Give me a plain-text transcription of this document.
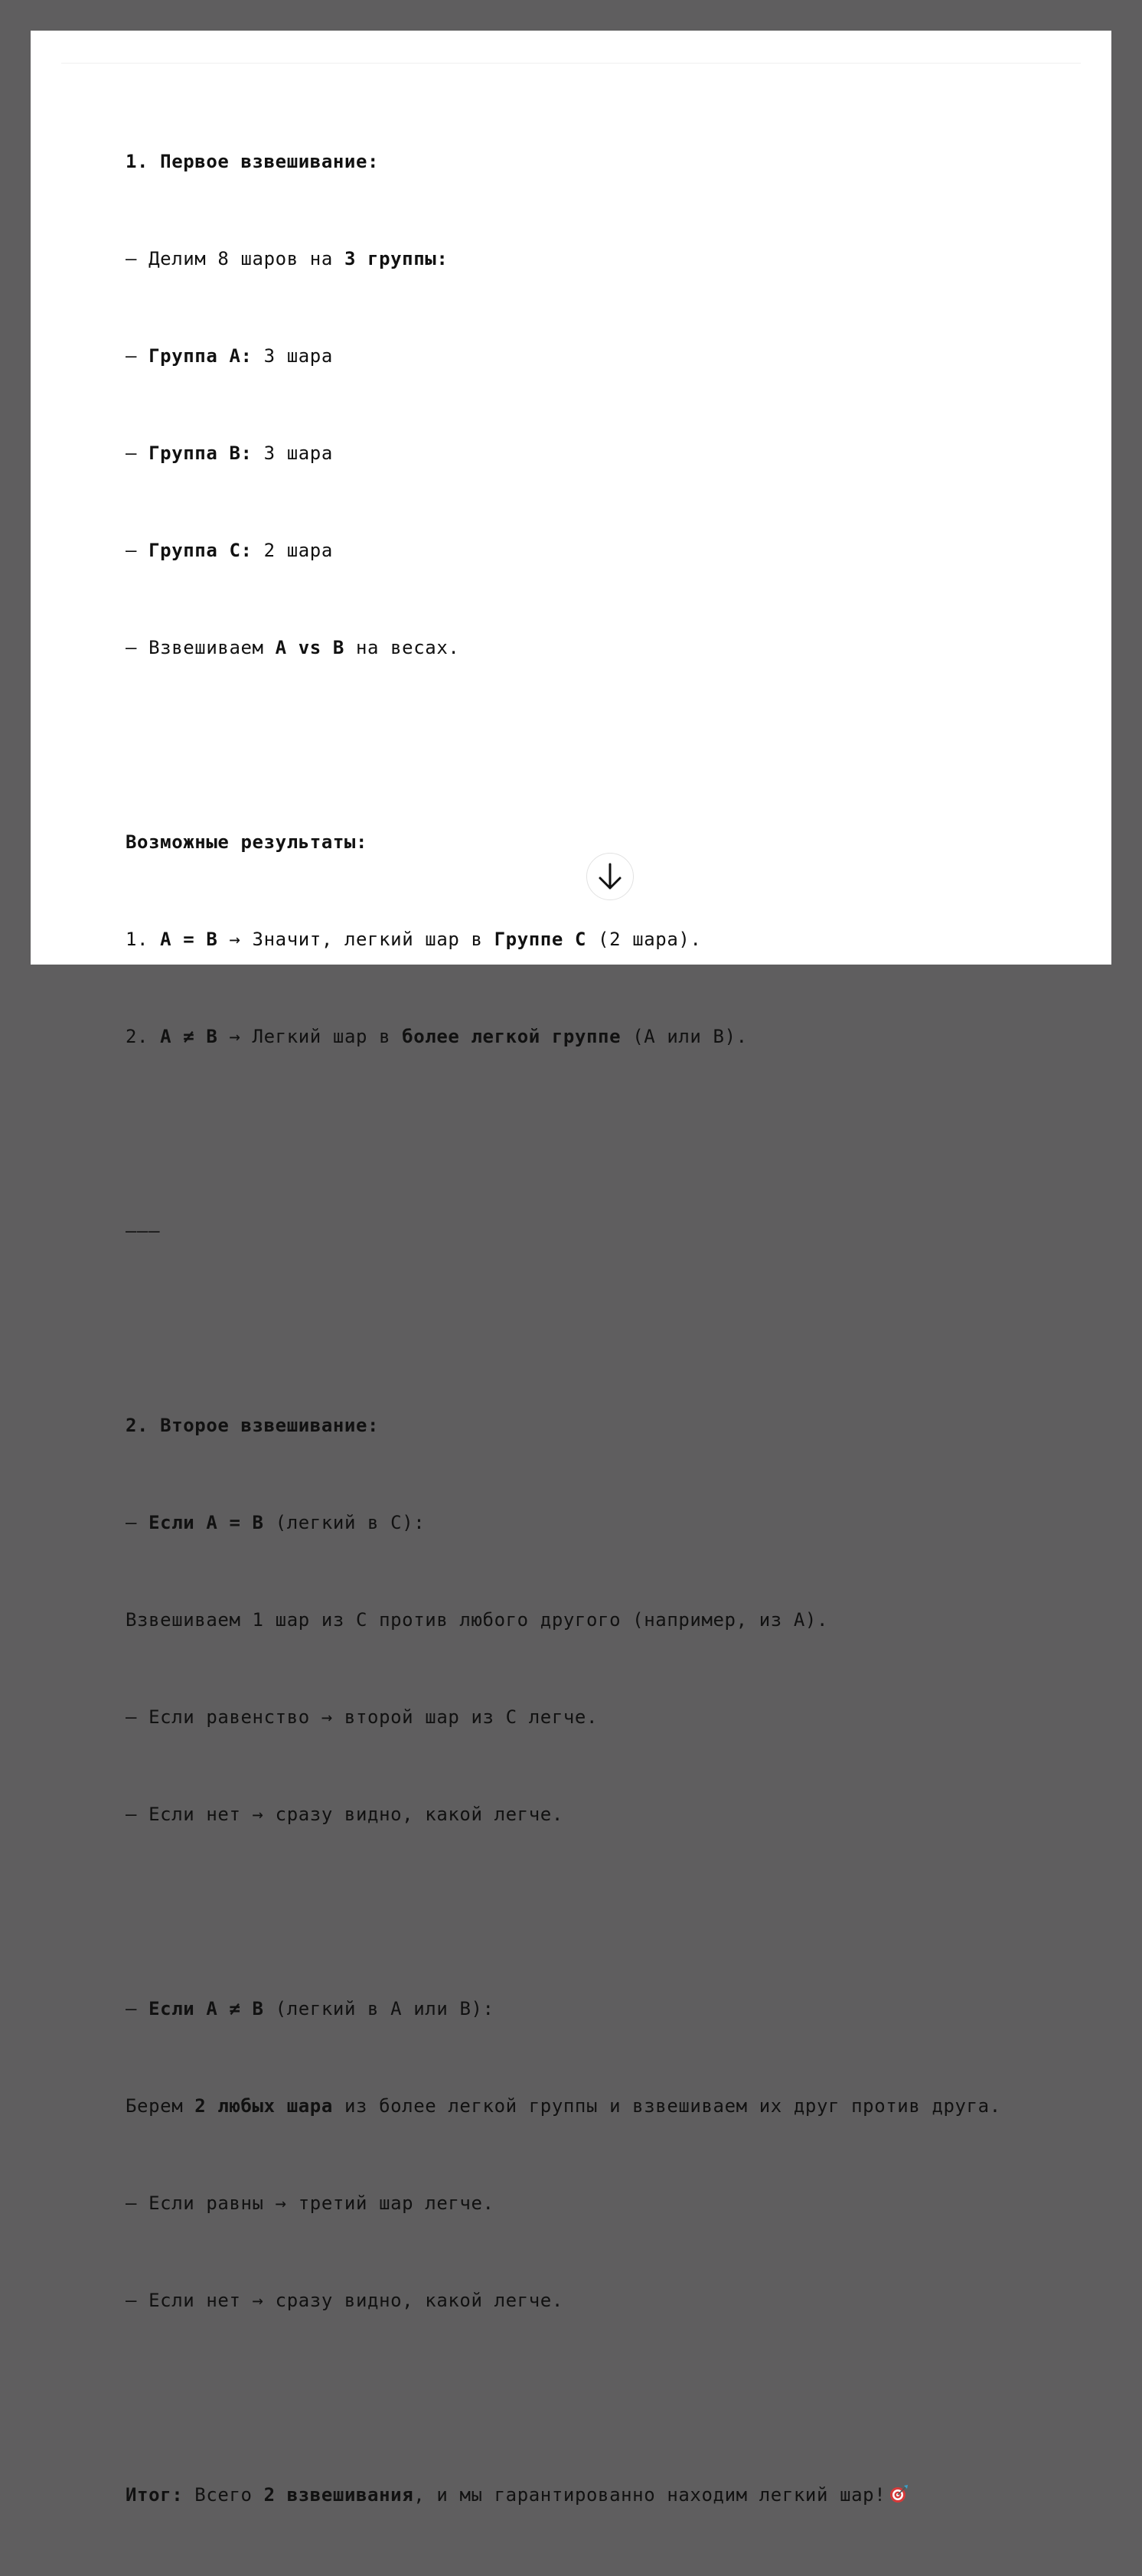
1. Первое взвешивание:

– Делим 8 шаров на 3 группы:

– Группа A: 3 шара

– Группа B: 3 шара

– Группа C: 2 шара

– Взвешиваем A vs B на весах.

Возможные результаты:

1. A = B → Значит, легкий шар в Группе C (2 шара).

2. A ≠ B → Легкий шар в более легкой группе (A или B).

–––

2. Второе взвешивание:

– Если A = B (легкий в C):

Взвешиваем 1 шар из C против любого другого (например, из A).

– Если равенство → второй шар из C легче.

– Если нет → сразу видно, какой легче.

– Если A ≠ B (легкий в A или B):

Берем 2 любых шара из более легкой группы и взвешиваем их друг против друга.

– Если равны → третий шар легче.

– Если нет → сразу видно, какой легче.

Итог: Всего 2 взвешивания, и мы гарантированно находим легкий шар!
